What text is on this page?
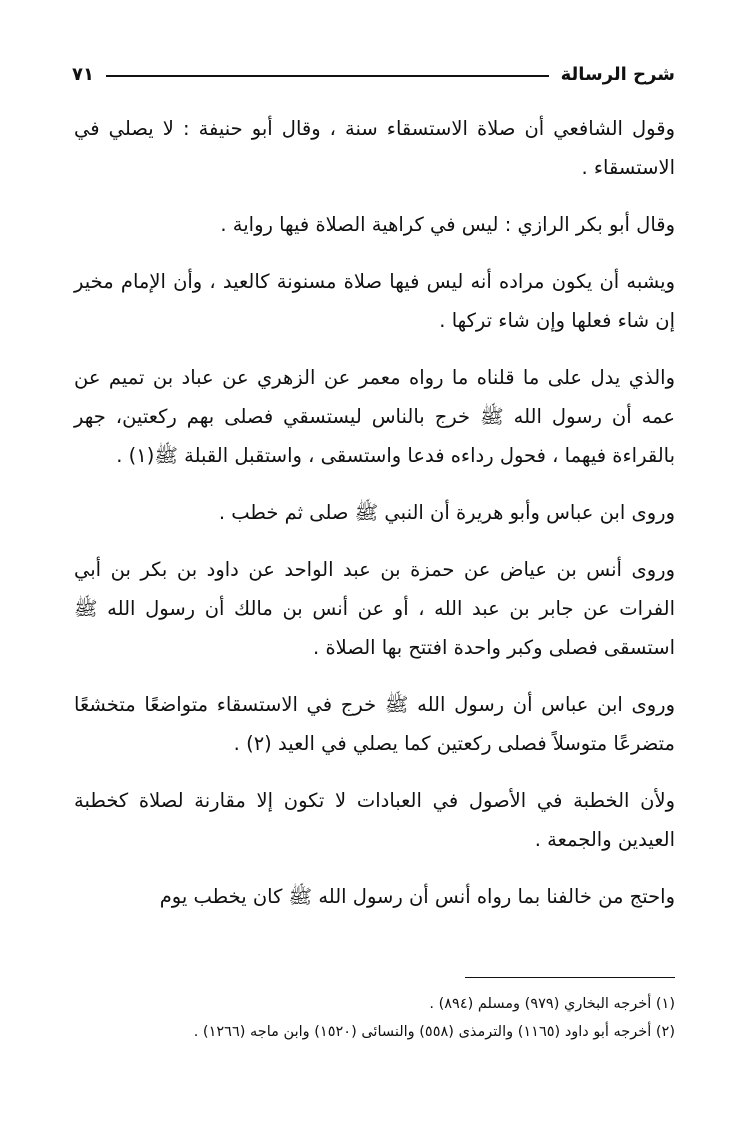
شرح الرسالة
٧١

وقول الشافعي أن صلاة الاستسقاء سنة ، وقال أبو حنيفة : لا يصلي في الاستسقاء .

وقال أبو بكر الرازي : ليس في كراهية الصلاة فيها رواية .

ويشبه أن يكون مراده أنه ليس فيها صلاة مسنونة كالعيد ، وأن الإمام مخير إن شاء فعلها وإن شاء تركها .

والذي يدل على ما قلناه ما رواه معمر عن الزهري عن عباد بن تميم عن عمه أن رسول الله ﷺ خرج بالناس ليستسقي فصلى بهم ركعتين، جهر بالقراءة فيهما ، فحول رداءه فدعا واستسقى ، واستقبل القبلة ﷺ(١) .

وروى ابن عباس وأبو هريرة أن النبي ﷺ صلى ثم خطب .

وروى أنس بن عياض عن حمزة بن عبد الواحد عن داود بن بكر بن أبي الفرات عن جابر بن عبد الله ، أو عن أنس بن مالك أن رسول الله ﷺ استسقى فصلى وكبر واحدة افتتح بها الصلاة .

وروى ابن عباس أن رسول الله ﷺ خرج في الاستسقاء متواضعًا متخشعًا متضرعًا متوسلاً فصلى ركعتين كما يصلي في العيد (٢) .

ولأن الخطبة في الأصول في العبادات لا تكون إلا مقارنة لصلاة كخطبة العيدين والجمعة .

واحتج من خالفنا بما رواه أنس أن رسول الله ﷺ كان يخطب يوم

(١) أخرجه البخاري (٩٧٩) ومسلم (٨٩٤) .

(٢) أخرجه أبو داود (١١٦٥) والترمذى (٥٥٨) والنسائى (١٥٢٠) وابن ماجه (١٢٦٦) .
